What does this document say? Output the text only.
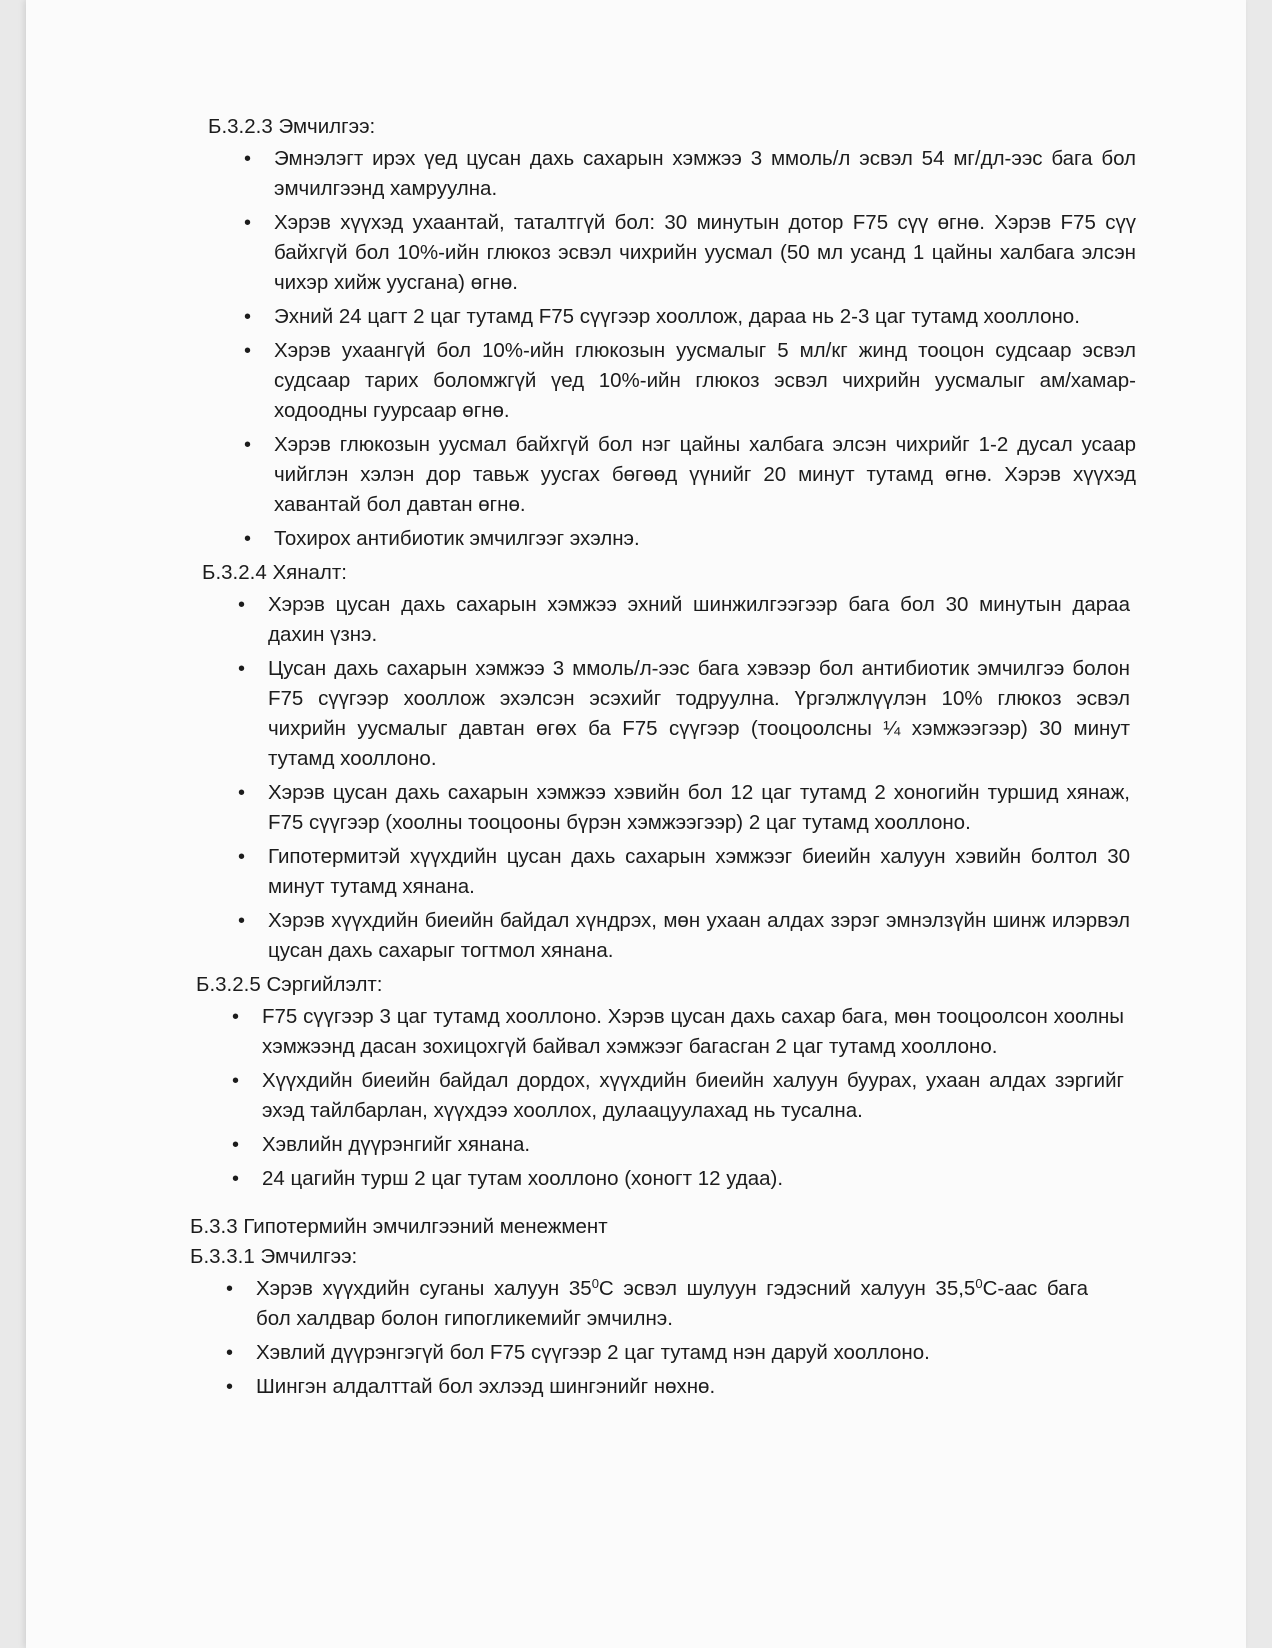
Б.3.2.3 Эмчилгээ:

• Эмнэлэгт ирэх үед цусан дахь сахарын хэмжээ 3 ммоль/л эсвэл 54 мг/дл-ээс бага бол эмчилгээнд хамруулна.
• Хэрэв хүүхэд ухаантай, таталтгүй бол: 30 минутын дотор F75 сүү өгнө. Хэрэв F75 сүү байхгүй бол 10%-ийн глюкоз эсвэл чихрийн уусмал (50 мл усанд 1 цайны халбага элсэн чихэр хийж уусгана) өгнө.
• Эхний 24 цагт 2 цаг тутамд F75 сүүгээр хооллож, дараа нь 2-3 цаг тутамд хооллоно.
• Хэрэв ухаангүй бол 10%-ийн глюкозын уусмалыг 5 мл/кг жинд тооцон судсаар эсвэл судсаар тарих боломжгүй үед 10%-ийн глюкоз эсвэл чихрийн уусмалыг ам/хамар-ходоодны гуурсаар өгнө.
• Хэрэв глюкозын уусмал байхгүй бол нэг цайны халбага элсэн чихрийг 1-2 дусал усаар чийглэн хэлэн дор тавьж уусгах бөгөөд үүнийг 20 минут тутамд өгнө. Хэрэв хүүхэд хавантай бол давтан өгнө.
• Тохирох антибиотик эмчилгээг эхэлнэ.

Б.3.2.4 Хяналт:

• Хэрэв цусан дахь сахарын хэмжээ эхний шинжилгээгээр бага бол 30 минутын дараа дахин үзнэ.
• Цусан дахь сахарын хэмжээ 3 ммоль/л-ээс бага хэвээр бол антибиотик эмчилгээ болон F75 сүүгээр хооллож эхэлсэн эсэхийг тодруулна. Үргэлжлүүлэн 10% глюкоз эсвэл чихрийн уусмалыг давтан өгөх ба F75 сүүгээр (тооцоолсны ¼ хэмжээгээр) 30 минут тутамд хооллоно.
• Хэрэв цусан дахь сахарын хэмжээ хэвийн бол 12 цаг тутамд 2 хоногийн туршид хянаж, F75 сүүгээр (хоолны тооцооны бүрэн хэмжээгээр) 2 цаг тутамд хооллоно.
• Гипотермитэй хүүхдийн цусан дахь сахарын хэмжээг биеийн халуун хэвийн болтол 30 минут тутамд хянана.
• Хэрэв хүүхдийн биеийн байдал хүндрэх, мөн ухаан алдах зэрэг эмнэлзүйн шинж илэрвэл цусан дахь сахарыг тогтмол хянана.

Б.3.2.5 Сэргийлэлт:

• F75 сүүгээр 3 цаг тутамд хооллоно. Хэрэв цусан дахь сахар бага, мөн тооцоолсон хоолны хэмжээнд дасан зохицохгүй байвал хэмжээг багасган 2 цаг тутамд хооллоно.
• Хүүхдийн биеийн байдал дордох, хүүхдийн биеийн халуун буурах, ухаан алдах зэргийг эхэд тайлбарлан, хүүхдээ хооллох, дулаацуулахад нь тусална.
• Хэвлийн дүүрэнгийг хянана.
• 24 цагийн турш 2 цаг тутам хооллоно (хоногт 12 удаа).

Б.3.3 Гипотермийн эмчилгээний менежмент

Б.3.3.1 Эмчилгээ:

• Хэрэв хүүхдийн суганы халуун $35^0С$ эсвэл шулуун гэдэсний халуун 35,5$^0$С-аас бага бол халдвар болон гипогликемийг эмчилнэ.
• Хэвлий дүүрэнгэгүй бол F75 сүүгээр 2 цаг тутамд нэн даруй хооллоно.
• Шингэн алдалттай бол эхлээд шингэнийг нөхнө.
